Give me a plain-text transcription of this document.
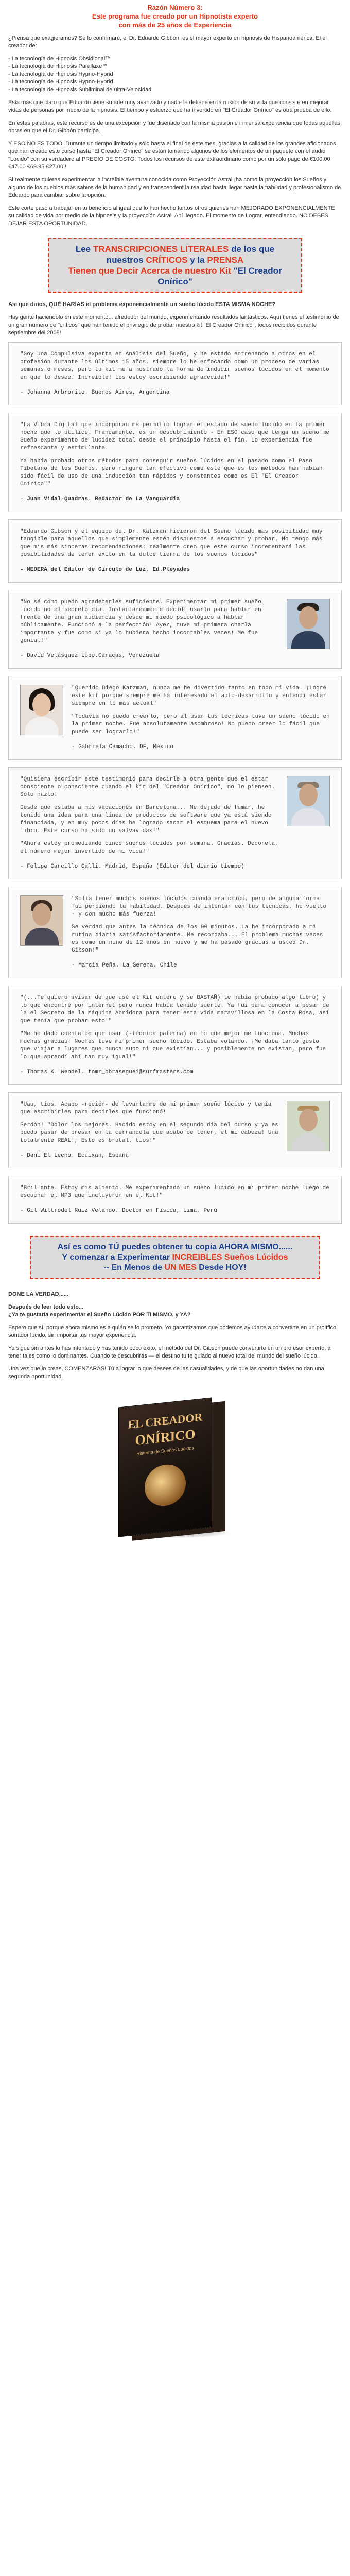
Razón Número 3:
Este programa fue creado por un Hipnotista experto
con más de 25 años de Experiencia

¿Piensa que exagieramos? Se lo confirmaré, el Dr. Eduardo Gibbón, es el mayor experto en hipnosis de Hispanoamérica. El el creador de:

- La tecnología de Hipnosis Obsidional™
- La tecnología de Hipnosis Parallaxe™
- La tecnología de Hipnosis Hypno-Hybrid
- La tecnología de Hipnosis Hypno-Hybrid
- La tecnología de Hipnosis Subliminal de ultra-Velocidad

Esta más que claro que Eduardo tiene su arte muy avanzado y nadie le detiene en la misión de su vida que consiste en mejorar vidas de personas por medio de la hipnosis. El tiempo y esfuerzo que ha invertido en "El Creador Onírico" es otra prueba de ello.

En estas palabras, este recurso es de una excepción y fue diseñado con la misma pasión e inmensa experiencia que todas aquellas obras en que el Dr. Gibbón participa.

Y ESO NO ES TODO. Durante un tiempo limitado y sólo hasta el final de este mes, gracias a la calidad de los grandes aficionados que han creado este curso hasta "El Creador Onírico" se están tomando algunos de los elementos de un paquete con el audio "Lúcido" con su verdadero al PRECIO DE COSTO. Todos los recursos de este extraordinario como por un sólo pago de €100.00 €47.00 €69.95 €27.00!!

Si realmente quieres experimentar la increíble aventura conocida como Proyección Astral ¡ha como la proyección los Sueños y alguno de los pueblos más sabios de la humanidad y en transcendent la realidad hasta llegar hasta la fiabilidad y profesionalismo de Eduardo para cambiar sobre la opción.

Este corte pasó a trabajar en tu beneficio al igual que lo han hecho tantos otros quienes han MEJORADO EXPONENCIALMENTE su calidad de vida por medio de la hipnosis y la proyección Astral. Ahí llegado. El momento de Lograr, entendiendo. NO DEBES DEJAR ESTA OPORTUNIDAD.

Lee TRANSCRIPCIONES LITERALES de los que
nuestros CRÍTICOS y la PRENSA
Tienen que Decir Acerca de nuestro Kit "El Creador Onírico"

Así que diríos, QUÉ HARÍAS el problema exponencialmente un sueño lúcido ESTA MISMA NOCHE?

Hay gente haciéndolo en este momento... alrededor del mundo, experimentando resultados fantásticos. Aquí tienes el testimonio de un gran número de "críticos" que han tenido el privilegio de probar nuestro kit "El Creador Onírico", todos recibidos durante septiembre del 2008!

"Soy una Compulsiva experta en Análisis del Sueño, y he estado entrenando a otros en el profesión durante los últimos 15 años, siempre lo he enfocando como un proceso de varias semanas o meses, pero tu kit me a mostrado la forma de inducir sueños lúcidos en el momento en que lo desee. Increíble! Les estoy escribiendo agradecida!"
- Johanna Arbrorito. Buenos Aires, Argentina
"La Vibra Digital que incorporan me permitió lograr el estado de sueño lúcido en la primer noche que lo utilicé. Francamente, es un descubrimiento - En ESO caso que tenga un sueño me Sueño experimento de lucidez total desde el principio hasta el fin. Lo experiencia fue refrescante y estimulante.
Ya había probado otros métodos para conseguir sueños lúcidos en el pasado como el Paso Tibetano de los Sueños, pero ninguno tan efectivo como éste que es los métodos han habían sido fácil de uso de una inducción tan rápidos y constantes como es El "El Creador Onírico""
- Juan Vidal-Quadras. Redactor de La Vanguardia
"Eduardo Gibson y el equipo del Dr. Katzman hicieron del Sueño lúcido más posibilidad muy tangible para aquellos que simplemente estén dispuestos a escuchar y probar. No tengo más que mis más sinceras recomendaciones: realmente creo que este curso incrementará las posibilidades de tener éxito en la dulce tierra de los sueños lúcidos"
- MEDERA del Editor de Circulo de Luz, Ed.Pleyades
"No sé cómo puedo agradecerles suficiente. Experimentar mi primer sueño lúcido no el secreto dia. Instantáneamente decidí usarlo para hablar en frente de una gran audiencia y desde mi miedo psicológico a hablar públicamente. Funcionó a la perfección! Ayer, tuve mi primera charla importante y fue como si ya lo hubiera hecho incontables veces! Me fue genial!"
- David Velásquez Lobo.Caracas, Venezuela
"Querido Diego Katzman, nunca me he divertido tanto en todo mi vida. ¡Logré este kit porque siempre me ha interesado el auto-desarrollo y entendí estar siempre en lo más actual"
"Todavía no puedo creerlo, pero al usar tus técnicas tuve un sueño lúcido en la primer noche. Fue absolutamente asombroso! No puedo creer lo fácil que puede ser lograrlo!"
- Gabriela Camacho. DF, México
"Quisiera escribir este testimonio para decirle a otra gente que el estar consciente o consciente cuando el kit del "Creador Onírico", no lo piensen. Sólo hazlo!
Desde que estaba a mis vacaciones en Barcelona... Me dejado de fumar, he tenido una idea para una línea de productos de software que ya está siendo financiada, y en muy pocos días he logrado sacar el esquema para el nuevo libro. Este curso ha sido un salvavidas!"
"Ahora estoy promediando cinco sueños lúcidos por semana. Gracias. Decorela, el número mejor invertido de mi vida!"
- Felipe Carcillo Galli. Madrid, España (Editor del diario tiempo)
"Solía tener muchos sueños lúcidos cuando era chico, pero de alguna forma fui perdiendo la habilidad. Después de intentar con tus técnicas, he vuelto - y con mucho más fuerza!
Se verdad que antes la técnica de los 90 minutos. La he incorporado a mi rutina diaria satisfactoriamente. Me recordaba... El problema muchas veces es como un niño de 12 años en nuevo y me ha pasado gracias a usted Dr. Gibson!"
- Marcia Peña. La Serena, Chile
"(...Te quiero avisar de que usé el Kit entero y se BASTAÑ) te había probado algo libro) y lo que encontré por internet pero nunca había tenido suerte. Ya fui para conocer a pesar de la el Secreto de la Máquina Abridora para tener esta vida maravillosa en la Costa Rosa, así que tenía que probar esto!"
"Me he dado cuenta de que usar (-técnica paterna) en lo que mejor me funciona. Muchas muchas gracias! Noches tuve mi primer sueño lúcido. Estaba volando. ¡Me daba tanto gusto que viajar a lugares que nunca supo ni que existían... y posiblemente no existan, pero fue lo que aprendí ahí tan muy igual!"
- Thomas K. Wendel. tomr_obraseguei@surfmasters.com
"Uau, tíos. Acabo -recién- de levantarme de mi primer sueño lúcido y tenía que escribirles para decirles que funcionó!
Perdón! "Dolor los mejores. Hacido estoy en el segundo día del curso y ya es puedo pasar de presar en la cerrandola que acabo de tener, el mi cabeza! Una totalmente REAL!, Esto es brutal, tíos!"
- Dani El Lecho. Ecuixan, España
"Brillante. Estoy mis aliento. Me experimentado un sueño lúcido en mi primer noche luego de escuchar el MP3 que incluyeron en el Kit!"
- Gil Wiltrodel Ruiz Velando. Doctor en Física, Lima, Perú
Así es como TÚ puedes obtener tu copia AHORA MISMO......
Y comenzar a Experimentar INCREIBLES Sueños Lúcidos
-- En Menos de UN MES Desde HOY!

DONE LA VERDAD......

Después de leer todo esto...
¿Ya te gustaría experimentar el Sueño Lúcido POR TI MISMO, y YA?

Espero que sí, porque ahora mismo es a quién se lo prometo. Yo garantizamos que podemos ayudarte a convertirte en un prolífico soñador lúcido, sin importar tus mayor experiencia.

Ya sigue sin antes lo has intentado y has tenido poco éxito, el método del Dr. Gibson puede convertirte en un profesor experto, a tener tales como lo dominantes. Cuando te descubrirás — el destino tu te guiado al nuevo total del mundo del sueño lúcido.

Una vez que lo creas, COMENZARÁS! Tú a lograr lo que desees de las casualidades, y de que las oportunidades no dan una segunda oportunidad.

EL CREADOR
ONÍRICO
Sistema de Sueños Lúcidos
